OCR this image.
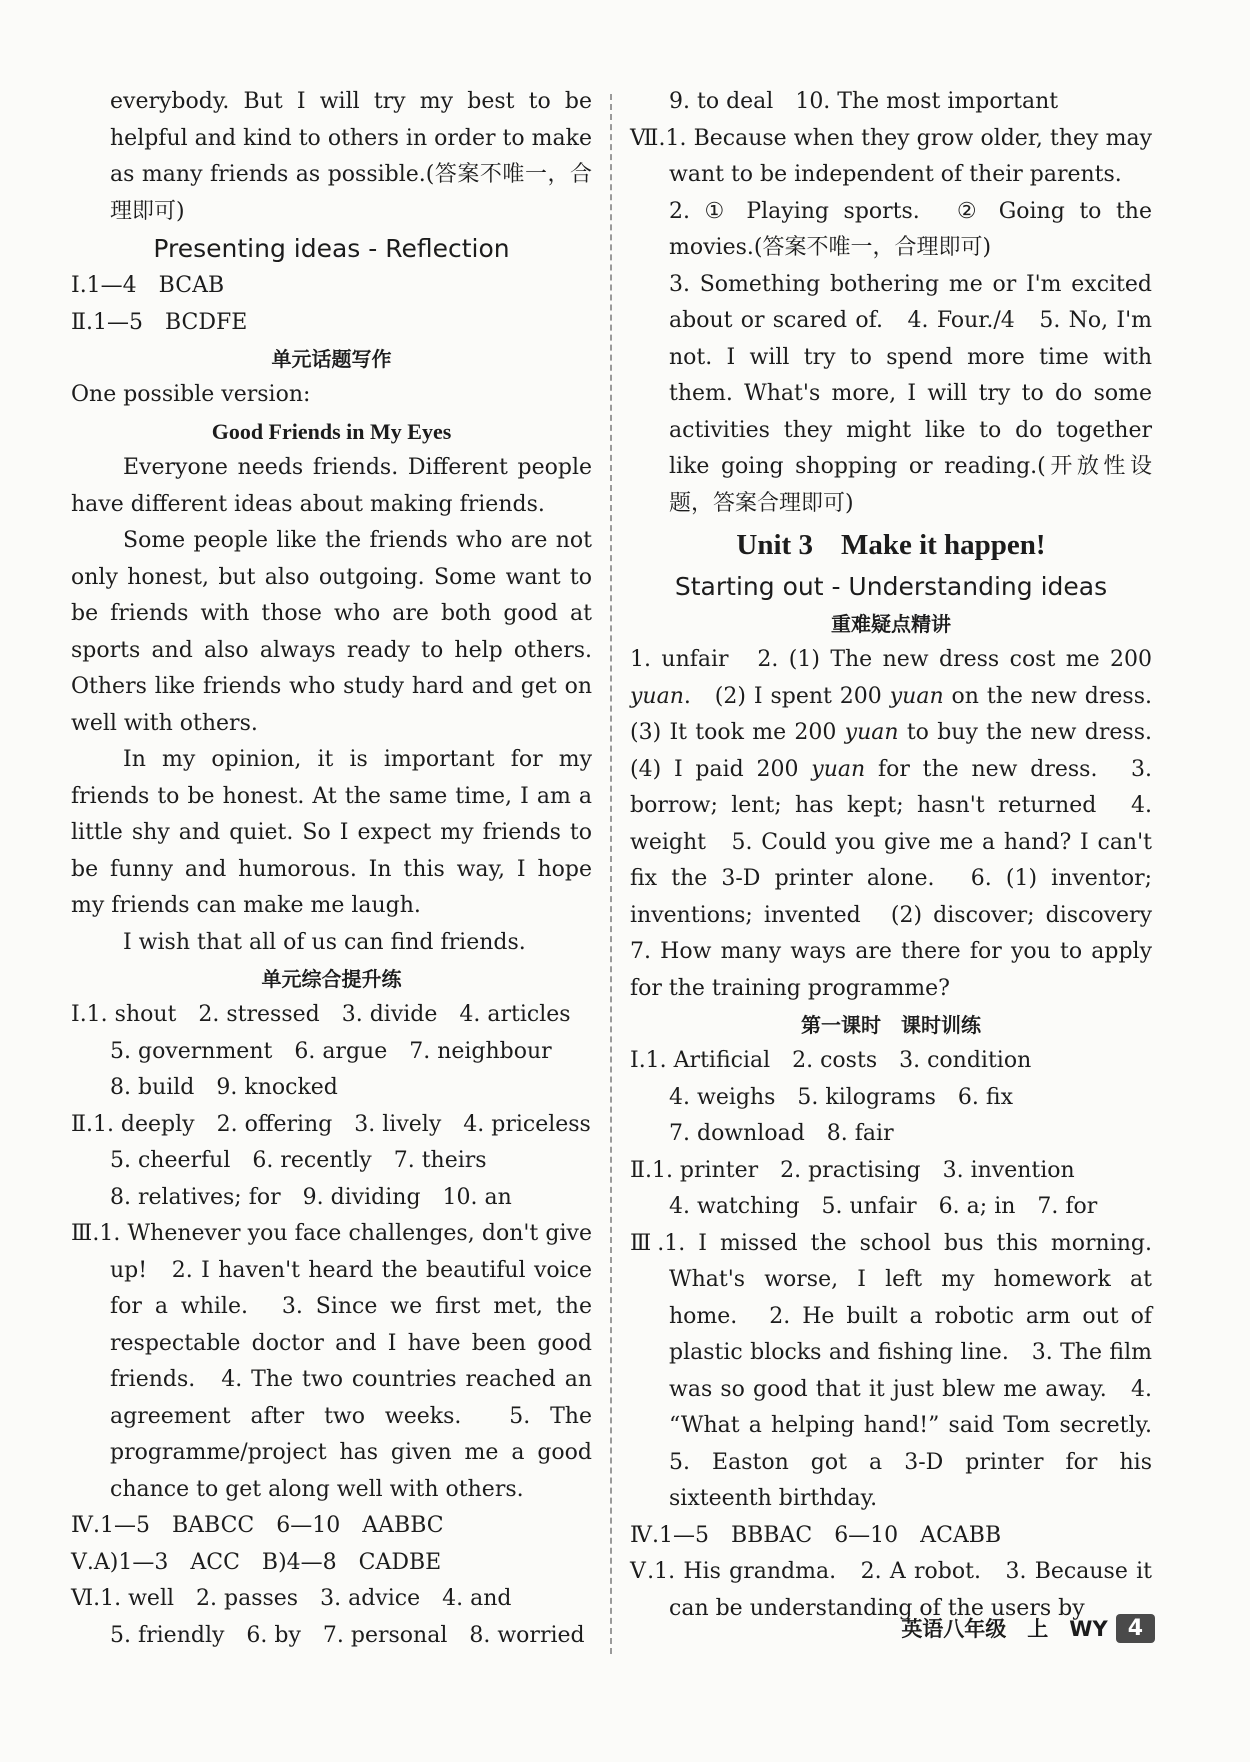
everybody. But I will try my best to be helpful and kind to others in order to make as many friends as possible.(答案不唯一，合理即可)

Presenting ideas - Reflection

Ⅰ.1—4　BCAB

Ⅱ.1—5　BCDFE

单元话题写作

One possible version:

Good Friends in My Eyes

Everyone needs friends. Different people have different ideas about making friends.

Some people like the friends who are not only honest, but also outgoing. Some want to be friends with those who are both good at sports and also always ready to help others. Others like friends who study hard and get on well with others.

In my opinion, it is important for my friends to be honest. At the same time, I am a little shy and quiet. So I expect my friends to be funny and humorous. In this way, I hope my friends can make me laugh.

I wish that all of us can find friends.

单元综合提升练

Ⅰ.1. shout　2. stressed　3. divide　4. articles

5. government　6. argue　7. neighbour

8. build　9. knocked

Ⅱ.1. deeply　2. offering　3. lively　4. priceless

5. cheerful　6. recently　7. theirs

8. relatives; for　9. dividing　10. an

Ⅲ.1. Whenever you face challenges, don't give up!　2. I haven't heard the beautiful voice for a while.　3. Since we first met, the respectable doctor and I have been good friends.　4. The two countries reached an agreement after two weeks.　5. The programme/project has given me a good chance to get along well with others.

Ⅳ.1—5　BABCC　6—10　AABBC

Ⅴ.A)1—3　ACC　B)4—8　CADBE

Ⅵ.1. well　2. passes　3. advice　4. and

5. friendly　6. by　7. personal　8. worried

9. to deal　10. The most important

Ⅶ.1. Because when they grow older, they may want to be independent of their parents.

2. ① Playing sports.　② Going to the movies.(答案不唯一，合理即可)

3. Something bothering me or I'm excited about or scared of.　4. Four./4　5. No, I'm not. I will try to spend more time with them. What's more, I will try to do some activities they might like to do together like going shopping or reading.(开放性设题，答案合理即可)

Unit 3 Make it happen!

Starting out - Understanding ideas

重难疑点精讲

1. unfair　2. (1) The new dress cost me 200 yuan.　(2) I spent 200 yuan on the new dress.　(3) It took me 200 yuan to buy the new dress.　(4) I paid 200 yuan for the new dress.　3. borrow; lent; has kept; hasn't returned　4. weight　5. Could you give me a hand? I can't fix the 3-D printer alone.　6. (1) inventor; inventions; invented　(2) discover; discovery　7. How many ways are there for you to apply for the training programme?

第一课时　课时训练

Ⅰ.1. Artificial　2. costs　3. condition

4. weighs　5. kilograms　6. fix

7. download　8. fair

Ⅱ.1. printer　2. practising　3. invention

4. watching　5. unfair　6. a; in　7. for

Ⅲ.1. I missed the school bus this morning. What's worse, I left my homework at home.　2. He built a robotic arm out of plastic blocks and fishing line.　3. The film was so good that it just blew me away.　4. “What a helping hand!” said Tom secretly.　5. Easton got a 3-D printer for his sixteenth birthday.

Ⅳ.1—5　BBBAC　6—10　ACABB

Ⅴ.1. His grandma.　2. A robot.　3. Because it can be understanding of the users by

英语八年级　上　WY 4
